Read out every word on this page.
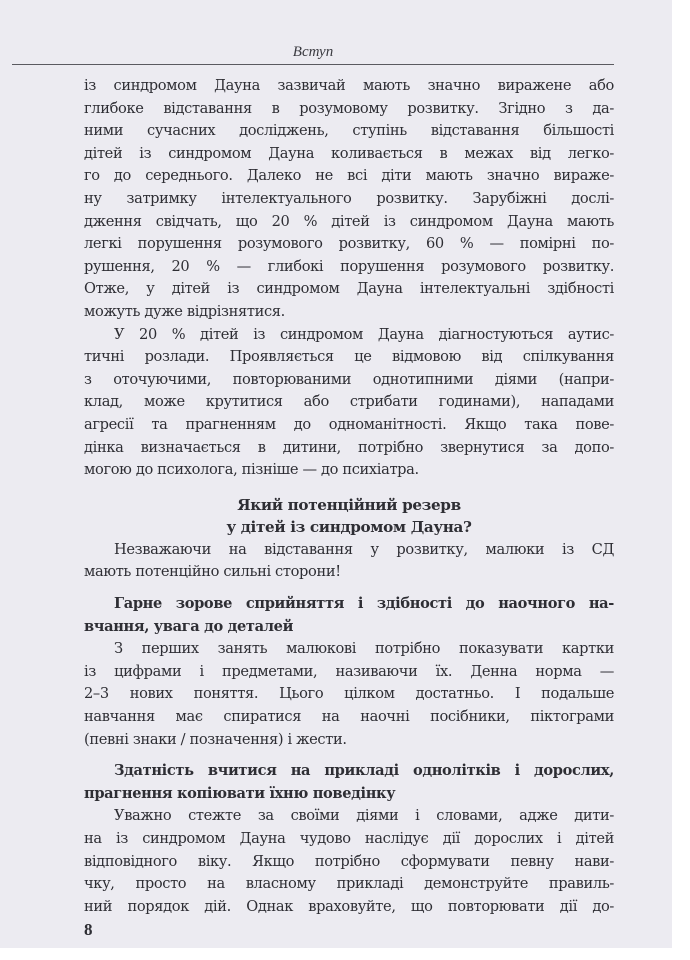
Вступ

із синдромом Дауна зазвичай мають значно виражене або
глибоке відставання в розумовому розвитку. Згідно з да-
ними сучасних досліджень, ступінь відставання більшості
дітей із синдромом Дауна коливається в межах від легко-
го до середнього. Далеко не всі діти мають значно вираже-
ну затримку інтелектуального розвитку. Зарубіжні дослі-
дження свідчать, що 20 % дітей із синдромом Дауна мають
легкі порушення розумового розвитку, 60 % — помірні по-
рушення, 20 % — глибокі порушення розумового розвитку.
Отже, у дітей із синдромом Дауна інтелектуальні здібності
можуть дуже відрізнятися.

У 20 % дітей із синдромом Дауна діагностуються аутис-
тичні розлади. Проявляється це відмовою від спілкування
з оточуючими, повторюваними однотипними діями (напри-
клад, може крутитися або стрибати годинами), нападами
агресії та прагненням до одноманітності. Якщо така пове-
дінка визначається в дитини, потрібно звернутися за допо-
могою до психолога, пізніше — до психіатра.

Який потенційний резерв
у дітей із синдромом Дауна?

Незважаючи на відставання у розвитку, малюки із СД
мають потенційно сильні сторони!

Гарне зорове сприйняття і здібності до наочного на-
вчання, увага до деталей

З перших занять малюкові потрібно показувати картки
із цифрами і предметами, називаючи їх. Денна норма —
2–3 нових поняття. Цього цілком достатньо. І подальше
навчання має спиратися на наочні посібники, піктограми
(певні знаки / позначення) і жести.

Здатність вчитися на прикладі однолітків і дорослих,
прагнення копіювати їхню поведінку

Уважно стежте за своїми діями і словами, адже дити-
на із синдромом Дауна чудово наслідує дії дорослих і дітей
відповідного віку. Якщо потрібно сформувати певну нави-
чку, просто на власному прикладі демонструйте правиль-
ний порядок дій. Однак враховуйте, що повторювати дії до-

8
